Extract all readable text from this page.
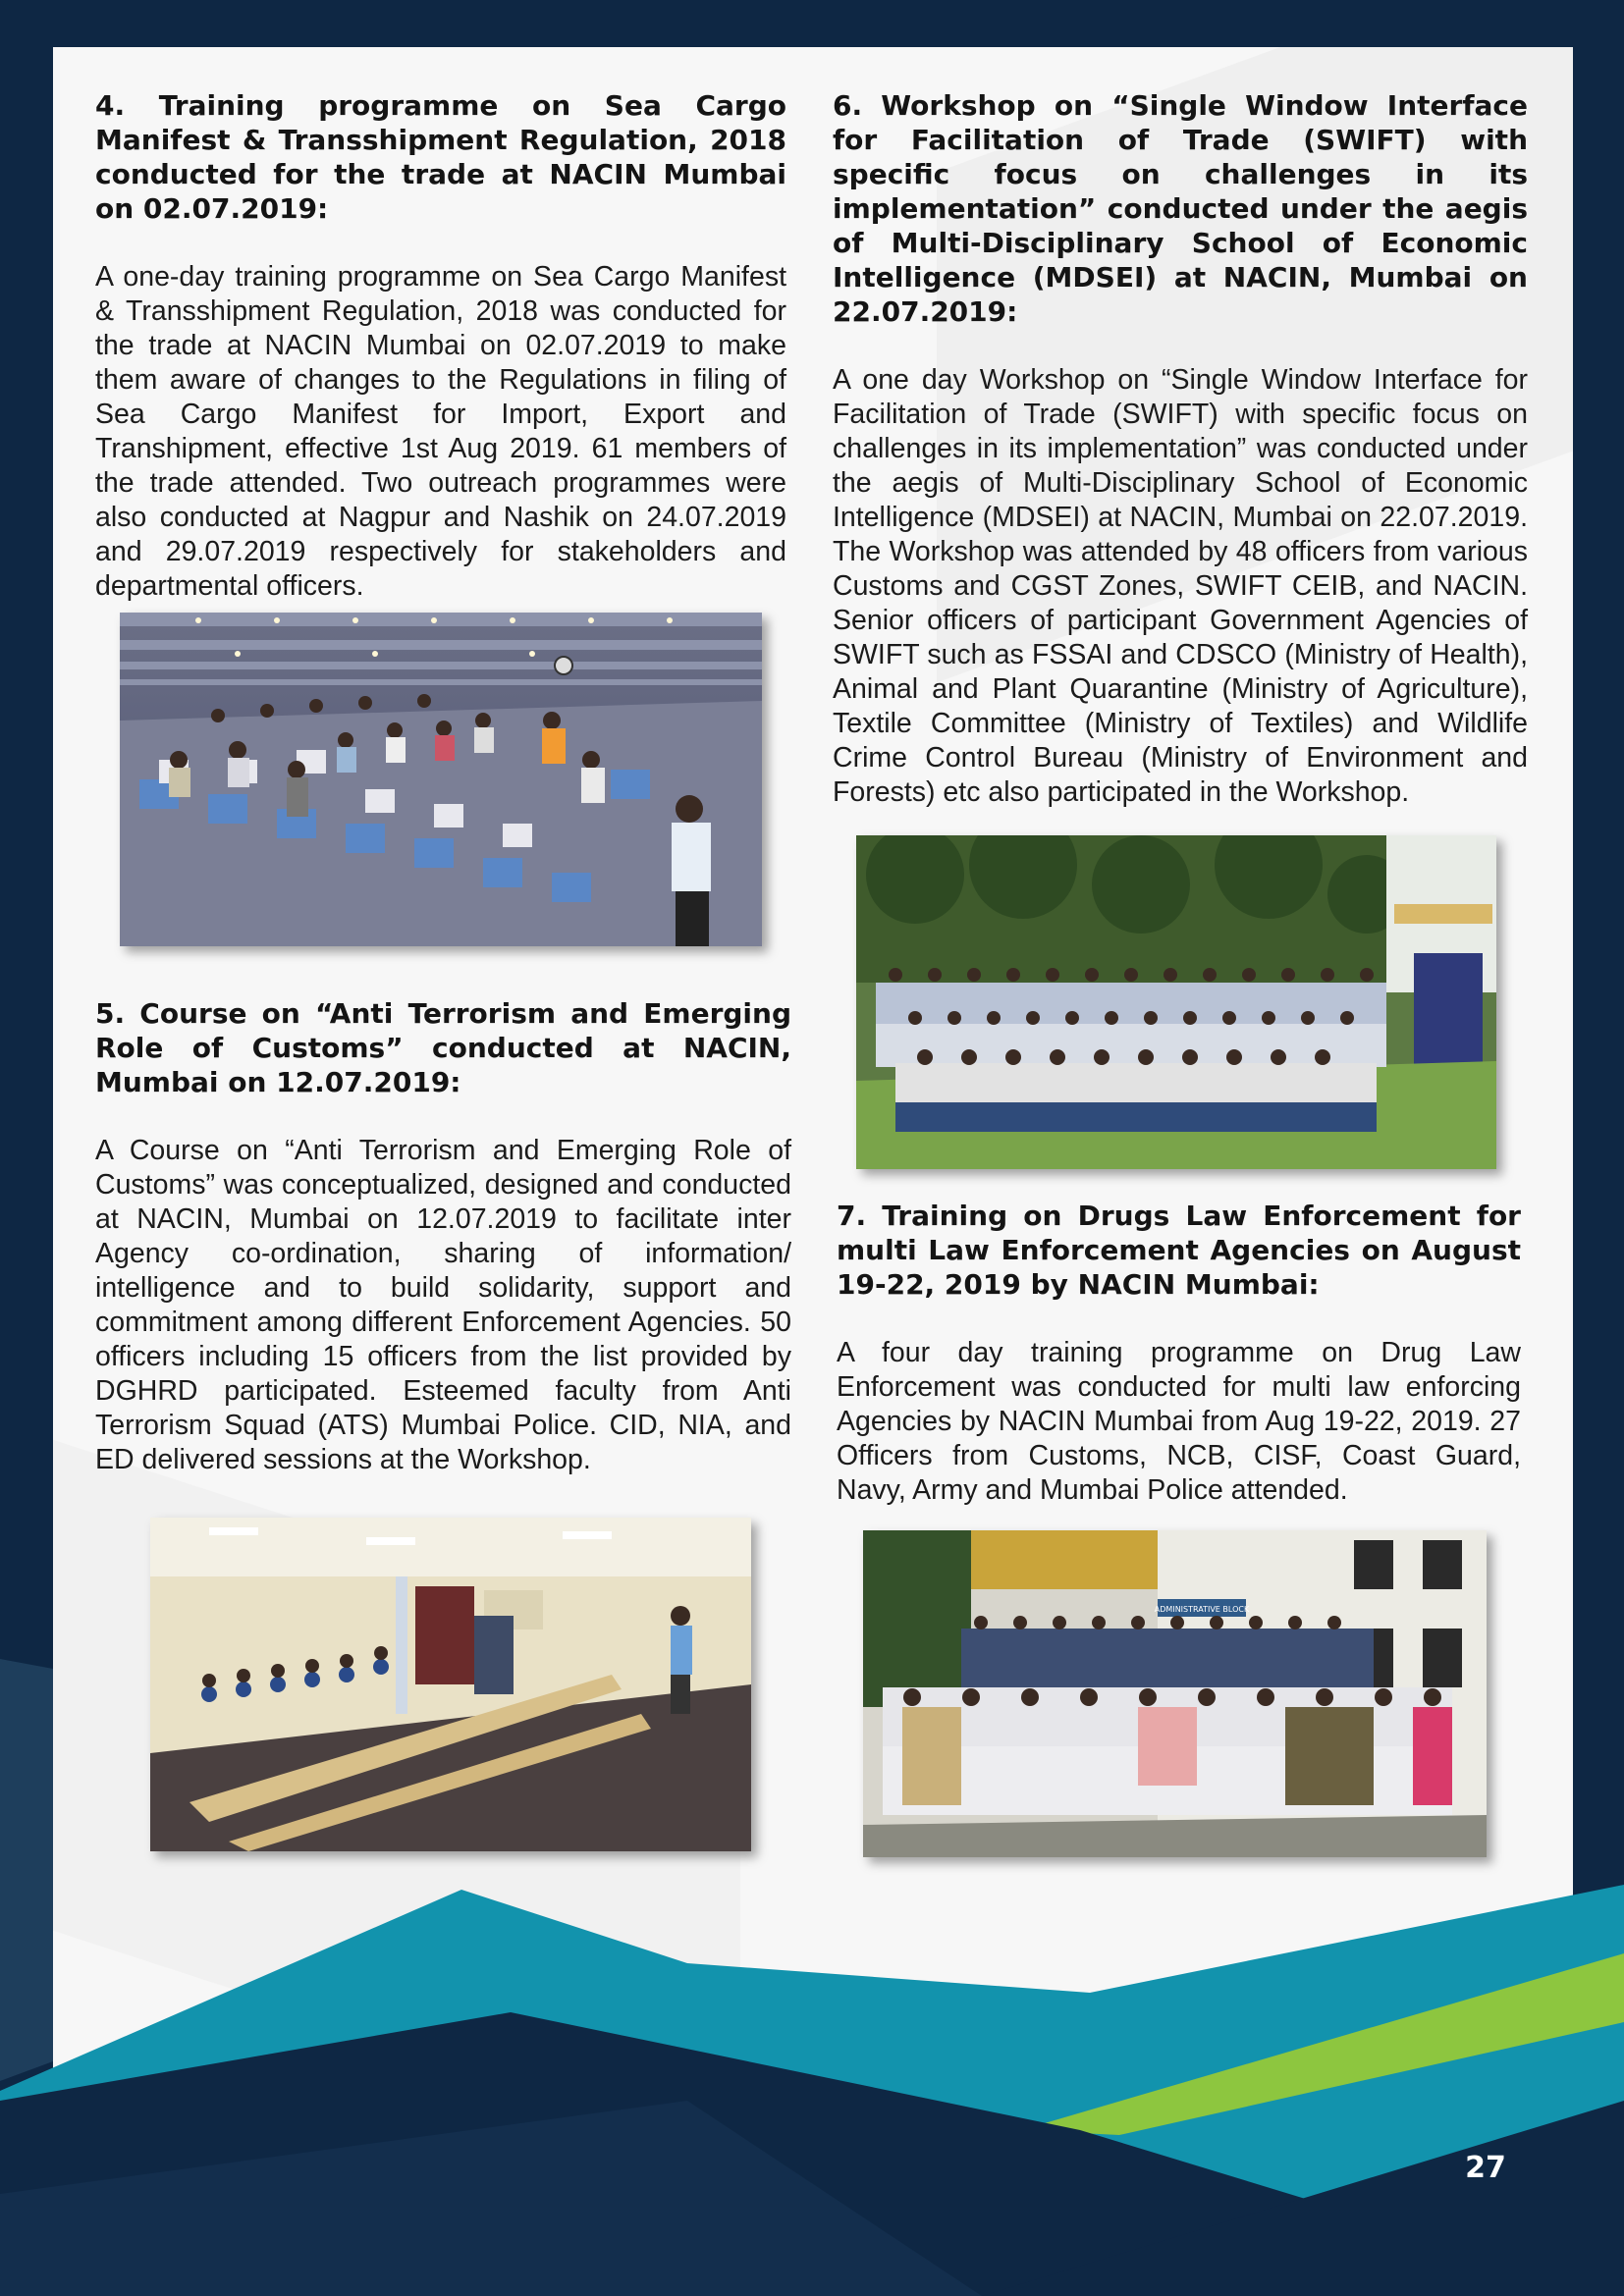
4. Training programme on Sea Cargo Manifest & Transshipment Regulation, 2018 conducted for the trade at NACIN Mumbai on 02.07.2019:

A one-day training programme on Sea Cargo Manifest & Transshipment Regulation, 2018 was conducted for the trade at NACIN Mumbai on 02.07.2019 to make them aware of changes to the Regulations in filing of Sea Cargo Manifest for Import, Export and Transhipment, effective 1st Aug 2019. 61 members of the trade attended. Two outreach programmes were also conducted at Nagpur and Nashik on 24.07.2019 and 29.07.2019 respectively for stakeholders and departmental officers.

5. Course on “Anti Terrorism and Emerging Role of Customs” conducted at NACIN, Mumbai on 12.07.2019:

A Course on “Anti Terrorism and Emerging Role of Customs” was conceptualized, designed and conducted at NACIN, Mumbai on 12.07.2019 to facilitate inter Agency co-ordination, sharing of information/ intelligence and to build solidarity, support and commitment among different Enforcement Agencies. 50 officers including 15 officers from the list provided by DGHRD participated. Esteemed faculty from Anti Terrorism Squad (ATS) Mumbai Police. CID, NIA, and ED delivered sessions at the Workshop.

6. Workshop on “Single Window Interface for Facilitation of Trade (SWIFT) with specific focus on challenges in its implementation” conducted under the aegis of Multi-Disciplinary School of Economic Intelligence (MDSEI) at NACIN, Mumbai on 22.07.2019:

A one day Workshop on “Single Window Interface for Facilitation of Trade (SWIFT) with specific focus on challenges in its implementation” was conducted under the aegis of Multi-Disciplinary School of Economic Intelligence (MDSEI) at NACIN, Mumbai on 22.07.2019. The Workshop was attended by 48 officers from various Customs and CGST Zones, SWIFT CEIB, and NACIN. Senior officers of participant Government Agencies of SWIFT such as FSSAI and CDSCO (Ministry of Health), Animal and Plant Quarantine (Ministry of Agriculture), Textile Committee (Ministry of Textiles) and Wildlife Crime Control Bureau (Ministry of Environment and Forests) etc also participated in the Workshop.

7. Training on Drugs Law Enforcement for multi Law Enforcement Agencies on August 19-22, 2019 by NACIN Mumbai:

A four day training programme on Drug Law Enforcement was conducted for multi law enforcing Agencies by NACIN Mumbai from Aug 19-22, 2019. 27 Officers from Customs, NCB, CISF, Coast Guard, Navy, Army and Mumbai Police attended.

ADMINISTRATIVE BLOCK
27
